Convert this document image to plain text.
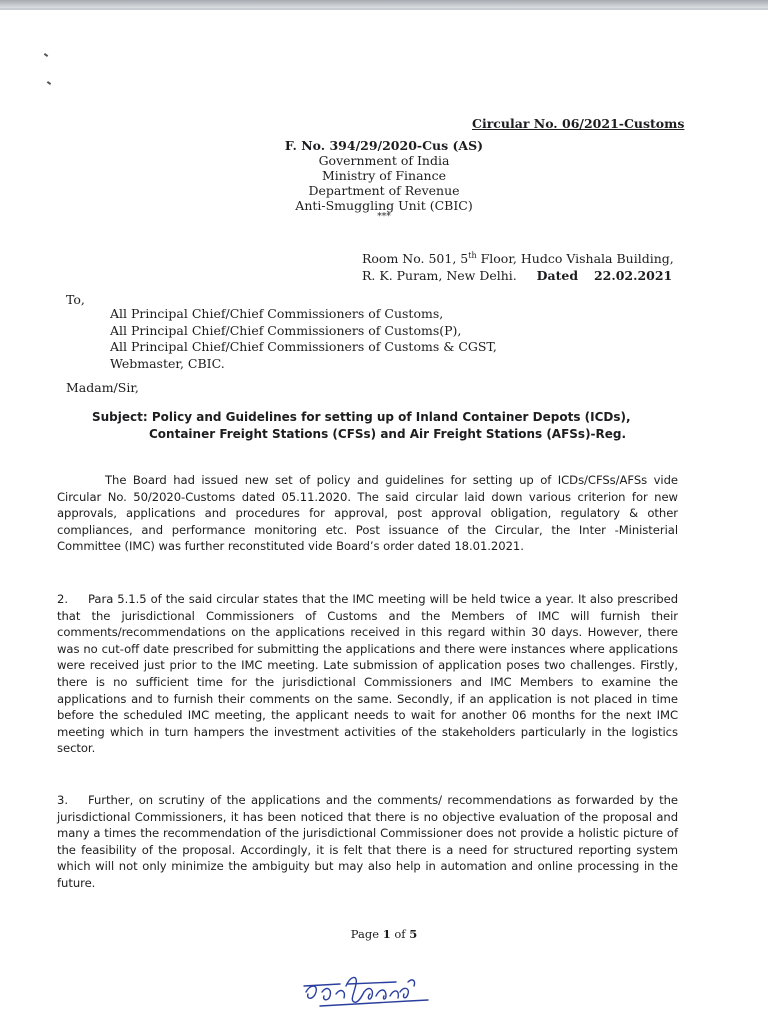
Circular No. 06/2021-Customs
F. No. 394/29/2020-Cus (AS)
Government of India
Ministry of Finance
Department of Revenue
Anti-Smuggling Unit (CBIC)
***
Room No. 501, 5th Floor, Hudco Vishala Building,
R. K. Puram, New Delhi. Dated 22.02.2021
To,
All Principal Chief/Chief Commissioners of Customs,
All Principal Chief/Chief Commissioners of Customs(P),
All Principal Chief/Chief Commissioners of Customs & CGST,
Webmaster, CBIC.
Madam/Sir,
Subject: Policy and Guidelines for setting up of Inland Container Depots (ICDs),
Container Freight Stations (CFSs) and Air Freight Stations (AFSs)-Reg.

The Board had issued new set of policy and guidelines for setting up of ICDs/CFSs/AFSs vide Circular No. 50/2020-Customs dated 05.11.2020. The said circular laid down various criterion for new approvals, applications and procedures for approval, post approval obligation, regulatory & other compliances, and performance monitoring etc. Post issuance of the Circular, the Inter -Ministerial Committee (IMC) was further reconstituted vide Board’s order dated 18.01.2021.

2. Para 5.1.5 of the said circular states that the IMC meeting will be held twice a year. It also prescribed that the jurisdictional Commissioners of Customs and the Members of IMC will furnish their comments/recommendations on the applications received in this regard within 30 days. However, there was no cut-off date prescribed for submitting the applications and there were instances where applications were received just prior to the IMC meeting. Late submission of application poses two challenges. Firstly, there is no sufficient time for the jurisdictional Commissioners and IMC Members to examine the applications and to furnish their comments on the same. Secondly, if an application is not placed in time before the scheduled IMC meeting, the applicant needs to wait for another 06 months for the next IMC meeting which in turn hampers the investment activities of the stakeholders particularly in the logistics sector.

3. Further, on scrutiny of the applications and the comments/ recommendations as forwarded by the jurisdictional Commissioners, it has been noticed that there is no objective evaluation of the proposal and many a times the recommendation of the jurisdictional Commissioner does not provide a holistic picture of the feasibility of the proposal. Accordingly, it is felt that there is a need for structured reporting system which will not only minimize the ambiguity but may also help in automation and online processing in the future.

Page 1 of 5
